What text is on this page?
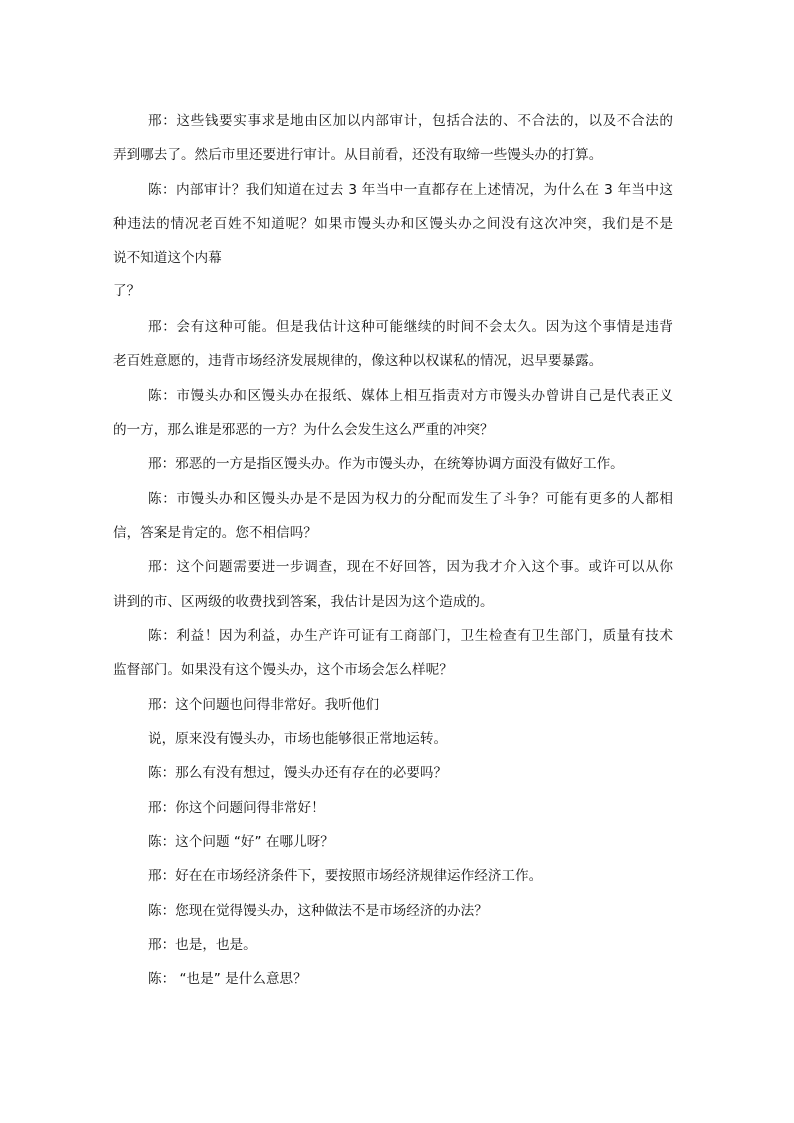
邢：这些钱要实事求是地由区加以内部审计，包括合法的、不合法的，以及不合法的
弄到哪去了。然后市里还要进行审计。从目前看，还没有取缔一些馒头办的打算。
陈：内部审计？我们知道在过去 3 年当中一直都存在上述情况，为什么在 3 年当中这
种违法的情况老百姓不知道呢？如果市馒头办和区馒头办之间没有这次冲突，我们是不是
说不知道这个内幕
了？
邢：会有这种可能。但是我估计这种可能继续的时间不会太久。因为这个事情是违背
老百姓意愿的，违背市场经济发展规律的，像这种以权谋私的情况，迟早要暴露。
陈：市馒头办和区馒头办在报纸、媒体上相互指责对方市馒头办曾讲自己是代表正义
的一方，那么谁是邪恶的一方？为什么会发生这么严重的冲突？
邢：邪恶的一方是指区馒头办。作为市馒头办，在统筹协调方面没有做好工作。
陈：市馒头办和区馒头办是不是因为权力的分配而发生了斗争？可能有更多的人都相
信，答案是肯定的。您不相信吗？
邢：这个问题需要进一步调查，现在不好回答，因为我才介入这个事。或许可以从你
讲到的市、区两级的收费找到答案，我估计是因为这个造成的。
陈：利益！因为利益，办生产许可证有工商部门，卫生检查有卫生部门，质量有技术
监督部门。如果没有这个馒头办，这个市场会怎么样呢？
邢：这个问题也问得非常好。我听他们
说，原来没有馒头办，市场也能够很正常地运转。
陈：那么有没有想过，馒头办还有存在的必要吗？
邢：你这个问题问得非常好！
陈：这个问题 “好” 在哪儿呀？
邢：好在在市场经济条件下，要按照市场经济规律运作经济工作。
陈：您现在觉得馒头办，这种做法不是市场经济的办法？
邢：也是，也是。
陈： “也是” 是什么意思？
